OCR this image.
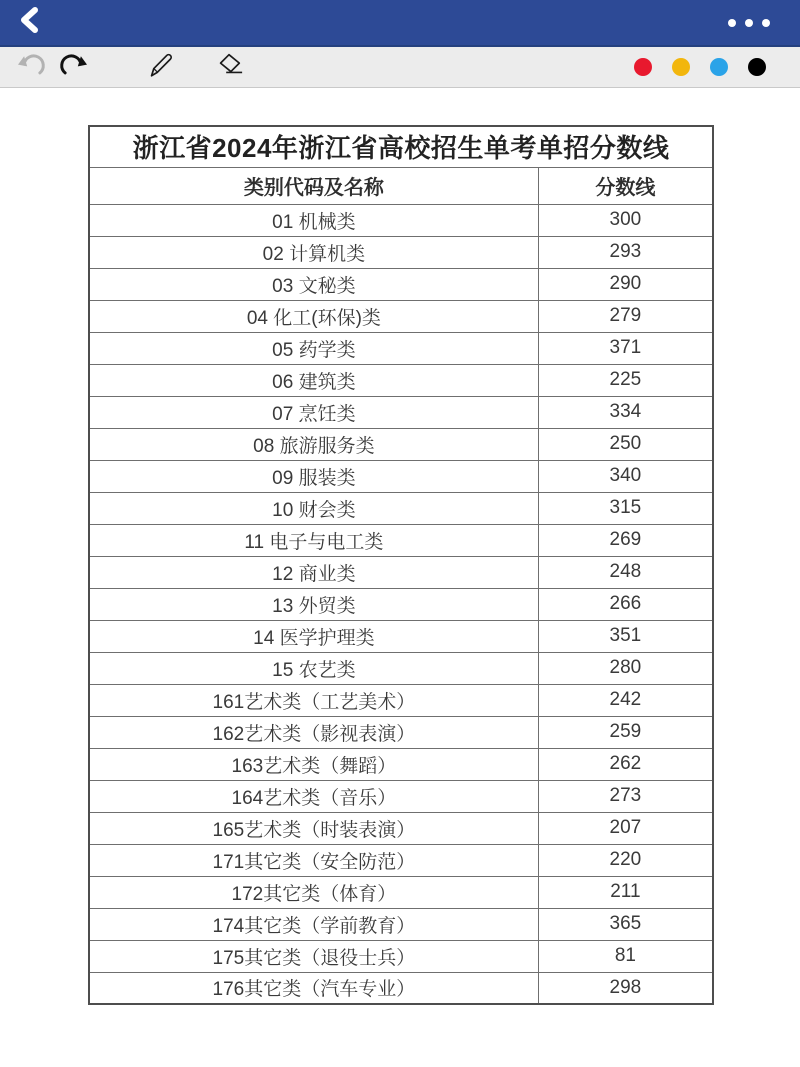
浙江省2024年浙江省高校招生单考单招分数线	
类别代码及名称	分数线
01 机械类	300
02 计算机类	293
03 文秘类	290
04 化工(环保)类	279
05 药学类	371
06 建筑类	225
07 烹饪类	334
08 旅游服务类	250
09 服装类	340
10 财会类	315
11 电子与电工类	269
12 商业类	248
13 外贸类	266
14 医学护理类	351
15 农艺类	280
161艺术类（工艺美术）	242
162艺术类（影视表演）	259
163艺术类（舞蹈）	262
164艺术类（音乐）	273
165艺术类（时装表演）	207
171其它类（安全防范）	220
172其它类（体育）	211
174其它类（学前教育）	365
175其它类（退役士兵）	81
176其它类（汽车专业）	298
